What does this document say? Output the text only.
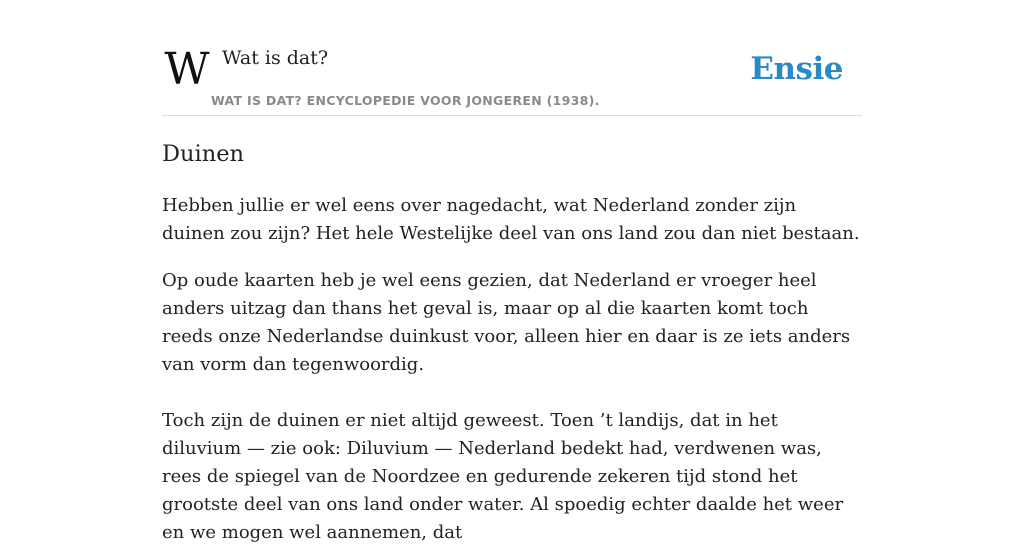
W Wat is dat?
WAT IS DAT? ENCYCLOPEDIE VOOR JONGEREN (1938).
Ensie
Duinen

Hebben jullie er wel eens over nagedacht, wat Nederland zonder zijn duinen zou zijn? Het hele Westelijke deel van ons land zou dan niet bestaan.

Op oude kaarten heb je wel eens gezien, dat Nederland er vroeger heel anders uitzag dan thans het geval is, maar op al die kaarten komt toch reeds onze Nederlandse duinkust voor, alleen hier en daar is ze iets anders van vorm dan tegenwoordig.

Toch zijn de duinen er niet altijd geweest. Toen ’t landijs, dat in het diluvium — zie ook: Diluvium — Nederland bedekt had, verdwenen was, rees de spiegel van de Noordzee en gedurende zekeren tijd stond het grootste deel van ons land onder water. Al spoedig echter daalde het weer en we mogen wel aannemen, dat
